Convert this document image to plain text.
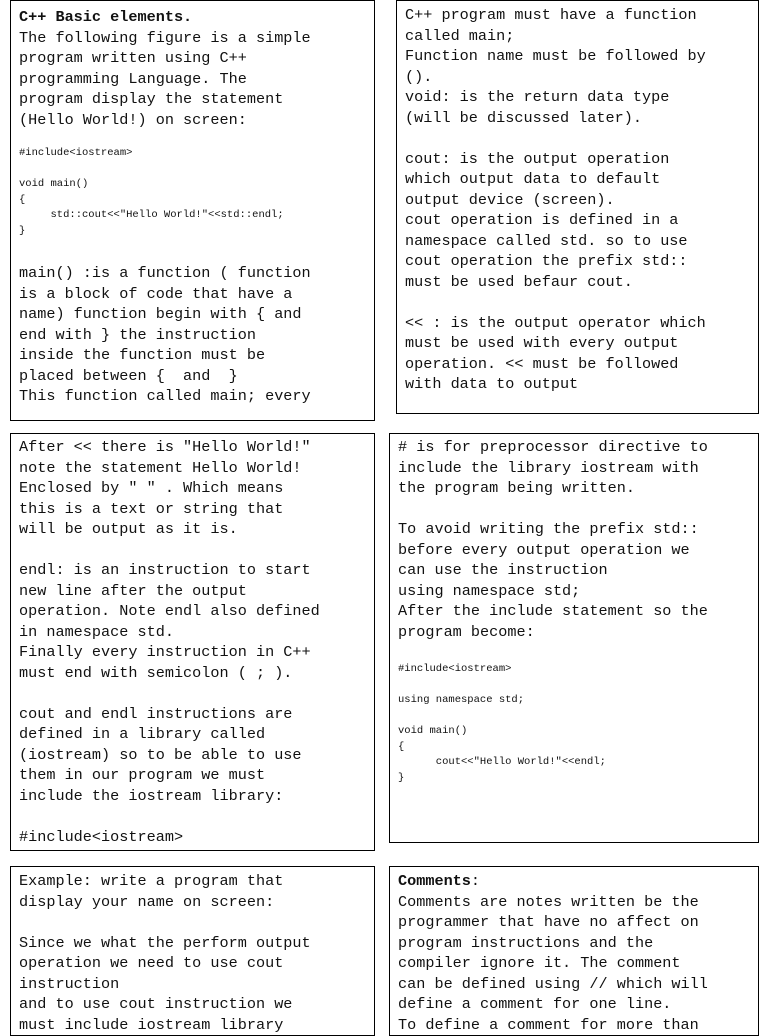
C++ Basic elements.
The following figure is a simple
program written using C++
programming Language. The
program display the statement
(Hello World!) on screen:
#include<iostream>

void main()
{
std::cout<<"Hello World!"<<std::endl;
}
main() :is a function ( function
is a block of code that have a
name) function begin with { and
end with } the instruction
inside the function must be
placed between {  and  }
This function called main; every
C++ program must have a function
called main;
Function name must be followed by
().
void: is the return data type
(will be discussed later).
cout: is the output operation
which output data to default
output device (screen).
cout operation is defined in a
namespace called std. so to use
cout operation the prefix std::
must be used befaur cout.
<< : is the output operator which
must be used with every output
operation. << must be followed
with data to output
After << there is "Hello World!"
note the statement Hello World!
Enclosed by " " . Which means
this is a text or string that
will be output as it is.
endl: is an instruction to start
new line after the output
operation. Note endl also defined
in namespace std.
Finally every instruction in C++
must end with semicolon ( ; ).
cout and endl instructions are
defined in a library called
(iostream) so to be able to use
them in our program we must
include the iostream library:
#include<iostream>
# is for preprocessor directive to
include the library iostream with
the program being written.
To avoid writing the prefix std::
before every output operation we
can use the instruction
using namespace std;
After the include statement so the
program become:
#include<iostream>

using namespace std;

void main()
{
cout<<"Hello World!"<<endl;
}
Example: write a program that
display your name on screen:
Since we what the perform output
operation we need to use cout
instruction
and to use cout instruction we
must include iostream library
Comments:
Comments are notes written be the
programmer that have no affect on
program instructions and the
compiler ignore it. The comment
can be defined using // which will
define a comment for one line.
To define a comment for more than
